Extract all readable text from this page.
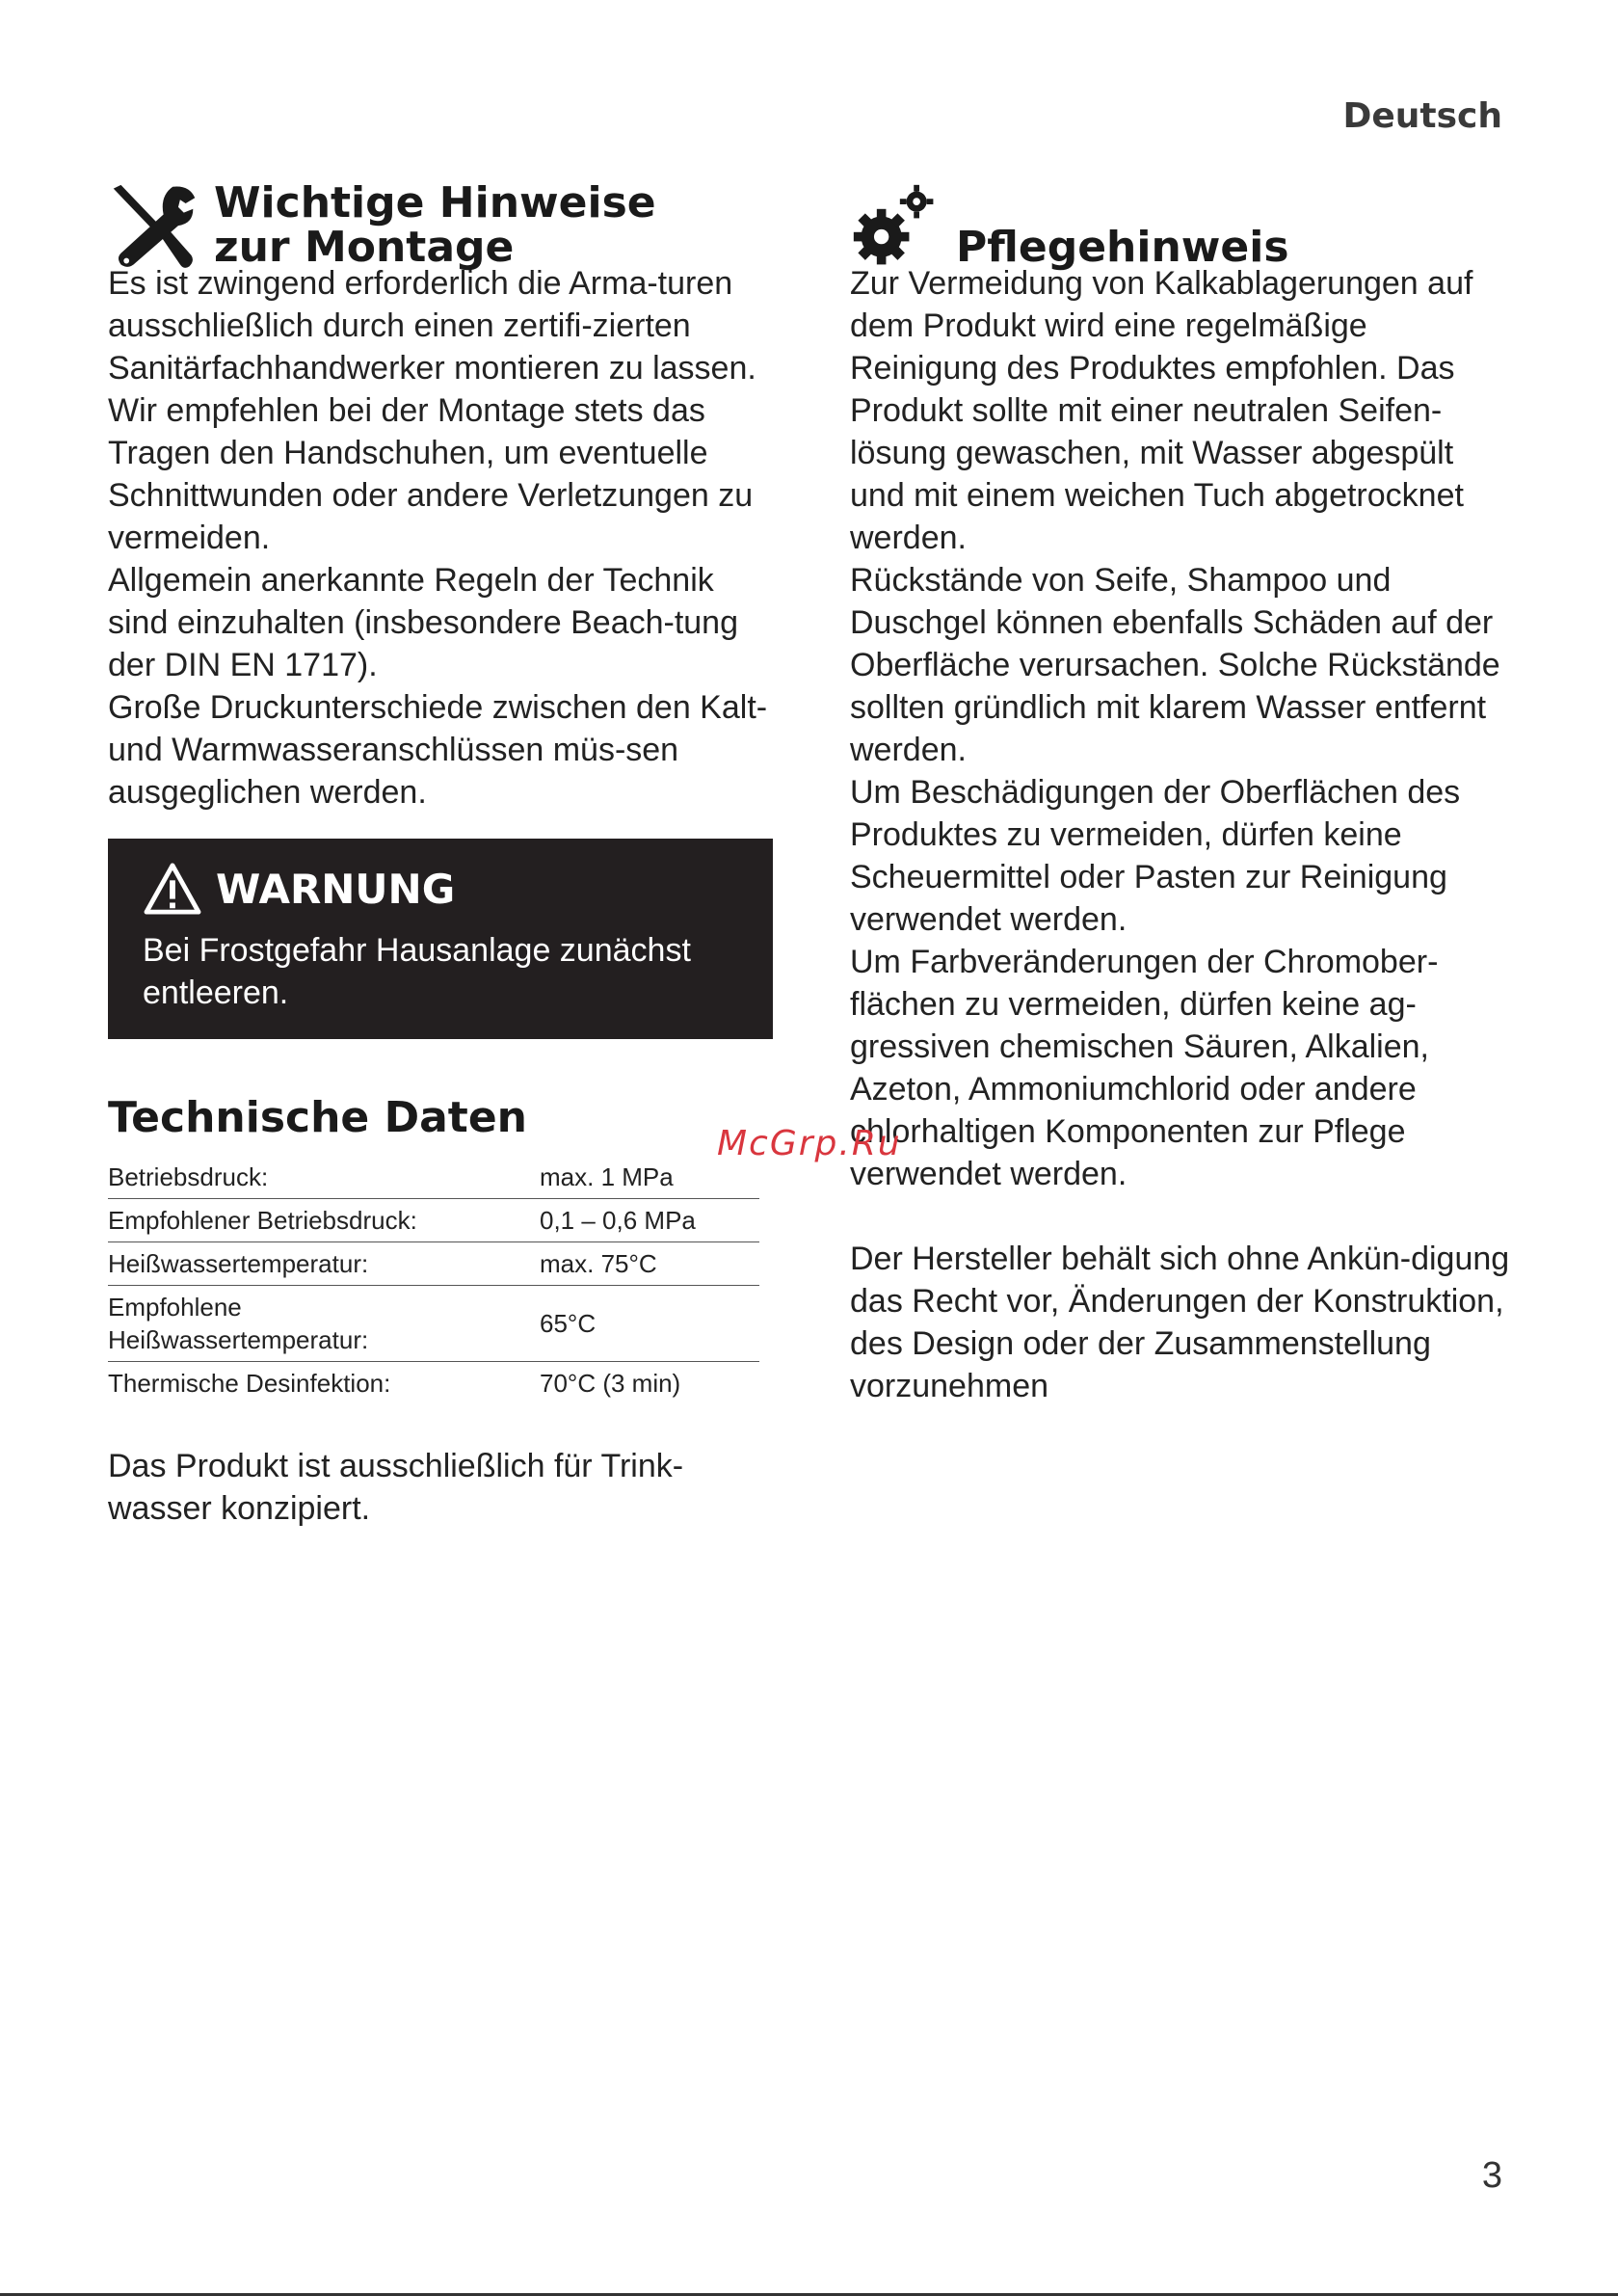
Deutsch
Wichtige Hinweise
zur Montage

Es ist zwingend erforderlich die Arma-turen ausschließlich durch einen zertifi-zierten Sanitärfachhandwerker montieren zu lassen.

Wir empfehlen bei der Montage stets das Tragen den Handschuhen, um eventuelle Schnittwunden oder andere Verletzungen zu vermeiden.

Allgemein anerkannte Regeln der Technik sind einzuhalten (insbesondere Beach-tung der DIN EN 1717).

Große Druckunterschiede zwischen den Kalt- und Warmwasseranschlüssen müs-sen ausgeglichen werden.

WARNUNG

Bei Frostgefahr Hausanlage zunächst entleeren.

Technische Daten
Betriebsdruck:	max. 1 MPa
Empfohlener Betriebsdruck:	0,1 – 0,6 MPa
Heißwassertemperatur:	max. 75°C
Empfohlene Heißwassertemperatur:	65°C
Thermische Desinfektion:	70°C (3 min)

Das Produkt ist ausschließlich für Trink-wasser konzipiert.

Pflegehinweis

Zur Vermeidung von Kalkablagerungen auf dem Produkt wird eine regelmäßige Reinigung des Produktes empfohlen. Das Produkt sollte mit einer neutralen Seifen-lösung gewaschen, mit Wasser abgespült und mit einem weichen Tuch abgetrocknet werden.

Rückstände von Seife, Shampoo und Duschgel können ebenfalls Schäden auf der Oberfläche verursachen. Solche Rückstände sollten gründlich mit klarem Wasser entfernt werden.

Um Beschädigungen der Oberflächen des Produktes zu vermeiden, dürfen keine Scheuermittel oder Pasten zur Reinigung verwendet werden.

Um Farbveränderungen der Chromober-flächen zu vermeiden, dürfen keine ag-gressiven chemischen Säuren, Alkalien, Azeton, Ammoniumchlorid oder andere chlorhaltigen Komponenten zur Pflege verwendet werden.

Der Hersteller behält sich ohne Ankün-digung das Recht vor, Änderungen der Konstruktion, des Design oder der Zusammenstellung vorzunehmen

McGrp.Ru
3
